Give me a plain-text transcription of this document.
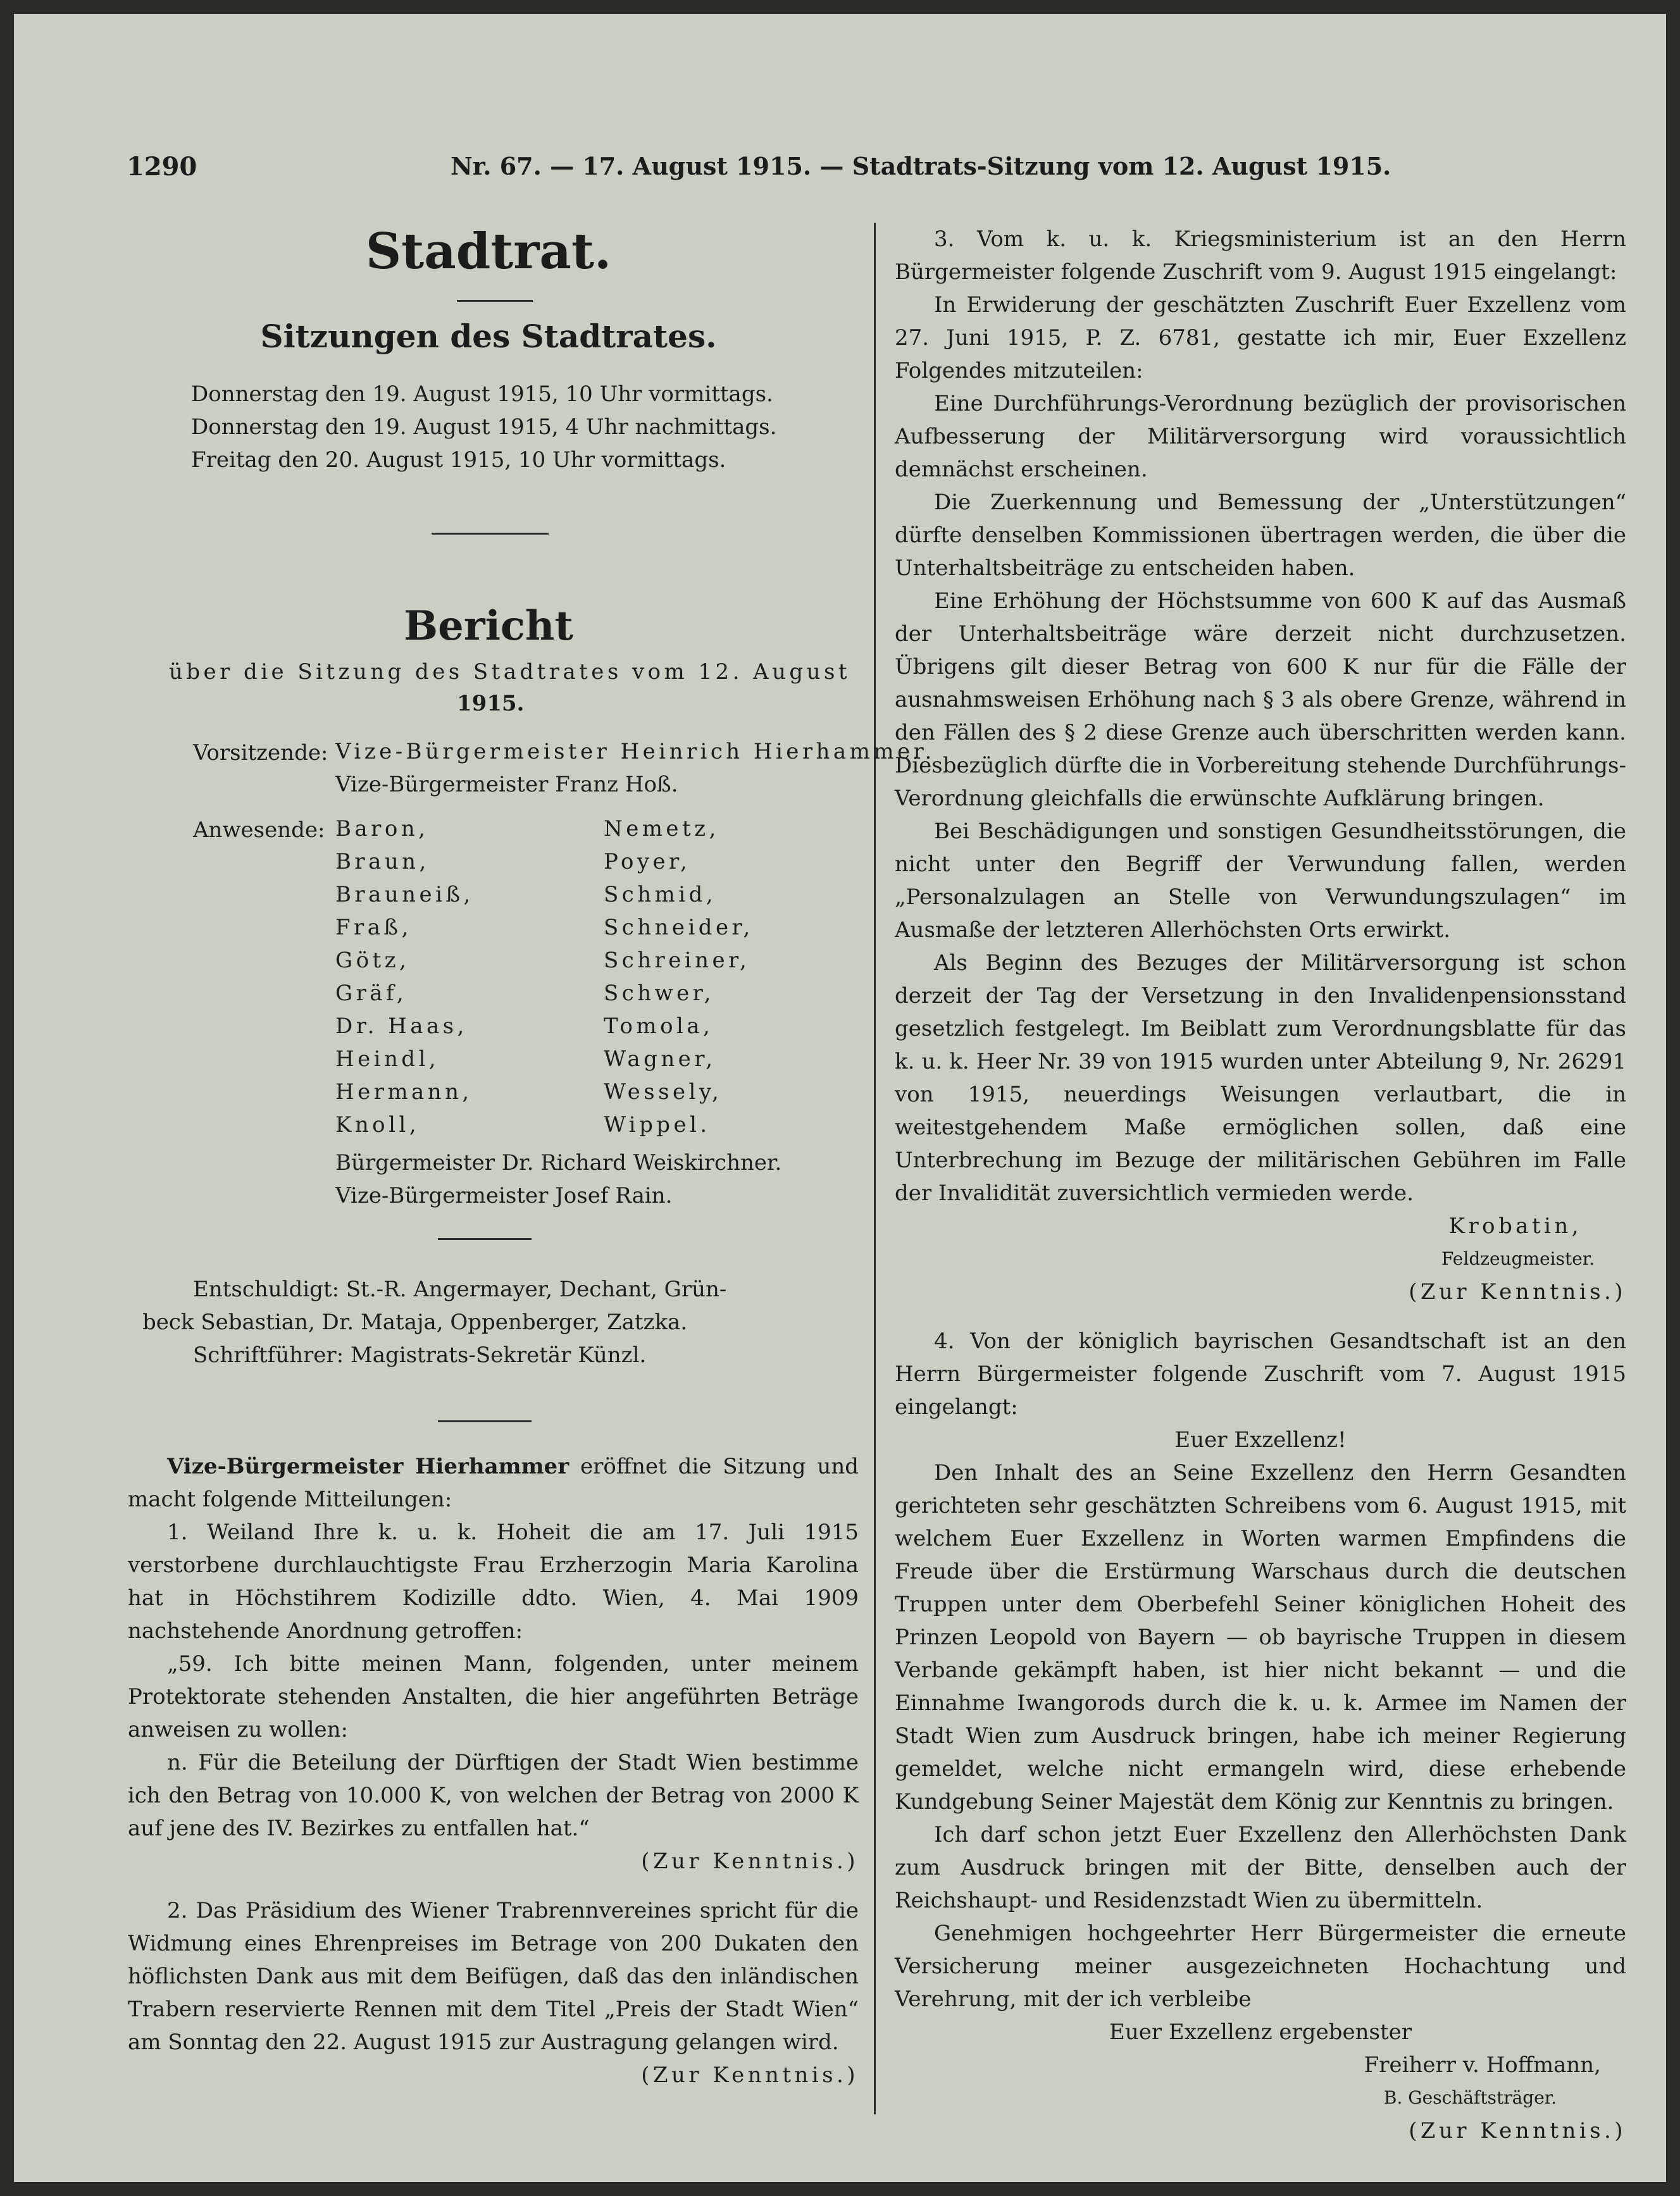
1290	Nr. 67. — 17. August 1915. — Stadtrats-Sitzung vom 12. August 1915.
Stadtrat.
Sitzungen des Stadtrates.
Donnerstag den 19. August 1915, 10 Uhr vormittags.
Donnerstag den 19. August 1915, 4 Uhr nachmittags.
Freitag den 20. August 1915, 10 Uhr vormittags.
Bericht
über die Sitzung des Stadtrates vom 12. August
1915.
Vorsitzende: Vize-Bürgermeister Heinrich Hierhammer.
Vize-Bürgermeister Franz Hoß.
Anwesende: Baron,
Braun,
Brauneiß,
Fraß,
Götz,
Gräf,
Dr. Haas,
Heindl,
Hermann,
Knoll,
Nemetz,
Poyer,
Schmid,
Schneider,
Schreiner,
Schwer,
Tomola,
Wagner,
Wessely,
Wippel.
Bürgermeister Dr. Richard Weiskirchner.
Vize-Bürgermeister Josef Rain.
Entschuldigt: St.-R. Angermayer, Dechant, Grün-
beck Sebastian, Dr. Mataja, Oppenberger, Zatzka.
Schriftführer: Magistrats-Sekretär Künzl.

Vize-Bürgermeister Hierhammer eröffnet die Sitzung und macht folgende Mitteilungen:

1. Weiland Ihre k. u. k. Hoheit die am 17. Juli 1915 verstorbene durchlauchtigste Frau Erzherzogin Maria Karolina hat in Höchstihrem Kodizille ddto. Wien, 4. Mai 1909 nachstehende Anordnung getroffen:

„59. Ich bitte meinen Mann, folgenden, unter meinem Protektorate stehenden Anstalten, die hier angeführten Beträge anweisen zu wollen:

n. Für die Beteilung der Dürftigen der Stadt Wien bestimme ich den Betrag von 10.000 K, von welchen der Betrag von 2000 K auf jene des IV. Bezirkes zu entfallen hat.“

(Zur Kenntnis.)

2. Das Präsidium des Wiener Trabrennvereines spricht für die Widmung eines Ehrenpreises im Betrage von 200 Dukaten den höflichsten Dank aus mit dem Beifügen, daß das den inländischen Trabern reservierte Rennen mit dem Titel „Preis der Stadt Wien“ am Sonntag den 22. August 1915 zur Austragung gelangen wird.

(Zur Kenntnis.)

3. Vom k. u. k. Kriegsministerium ist an den Herrn Bürgermeister folgende Zuschrift vom 9. August 1915 eingelangt:

In Erwiderung der geschätzten Zuschrift Euer Exzellenz vom 27. Juni 1915, P. Z. 6781, gestatte ich mir, Euer Exzellenz Folgendes mitzuteilen:

Eine Durchführungs-Verordnung bezüglich der provisorischen Aufbesserung der Militärversorgung wird voraussichtlich demnächst erscheinen.

Die Zuerkennung und Bemessung der „Unterstützungen“ dürfte denselben Kommissionen übertragen werden, die über die Unterhaltsbeiträge zu entscheiden haben.

Eine Erhöhung der Höchstsumme von 600 K auf das Ausmaß der Unterhaltsbeiträge wäre derzeit nicht durchzusetzen. Übrigens gilt dieser Betrag von 600 K nur für die Fälle der ausnahmsweisen Erhöhung nach § 3 als obere Grenze, während in den Fällen des § 2 diese Grenze auch überschritten werden kann. Diesbezüglich dürfte die in Vorbereitung stehende Durchführungs-Verordnung gleichfalls die erwünschte Aufklärung bringen.

Bei Beschädigungen und sonstigen Gesundheitsstörungen, die nicht unter den Begriff der Verwundung fallen, werden „Personalzulagen an Stelle von Verwundungszulagen“ im Ausmaße der letzteren Allerhöchsten Orts erwirkt.

Als Beginn des Bezuges der Militärversorgung ist schon derzeit der Tag der Versetzung in den Invalidenpensionsstand gesetzlich festgelegt. Im Beiblatt zum Verordnungsblatte für das k. u. k. Heer Nr. 39 von 1915 wurden unter Abteilung 9, Nr. 26291 von 1915, neuerdings Weisungen verlautbart, die in weitestgehendem Maße ermöglichen sollen, daß eine Unterbrechung im Bezuge der militärischen Gebühren im Falle der Invalidität zuversichtlich vermieden werde.

Krobatin,

Feldzeugmeister.

(Zur Kenntnis.)

4. Von der königlich bayrischen Gesandtschaft ist an den Herrn Bürgermeister folgende Zuschrift vom 7. August 1915 eingelangt:

Euer Exzellenz!

Den Inhalt des an Seine Exzellenz den Herrn Gesandten gerichteten sehr geschätzten Schreibens vom 6. August 1915, mit welchem Euer Exzellenz in Worten warmen Empfindens die Freude über die Erstürmung Warschaus durch die deutschen Truppen unter dem Oberbefehl Seiner königlichen Hoheit des Prinzen Leopold von Bayern — ob bayrische Truppen in diesem Verbande gekämpft haben, ist hier nicht bekannt — und die Einnahme Iwangorods durch die k. u. k. Armee im Namen der Stadt Wien zum Ausdruck bringen, habe ich meiner Regierung gemeldet, welche nicht ermangeln wird, diese erhebende Kundgebung Seiner Majestät dem König zur Kenntnis zu bringen.

Ich darf schon jetzt Euer Exzellenz den Allerhöchsten Dank zum Ausdruck bringen mit der Bitte, denselben auch der Reichshaupt- und Residenzstadt Wien zu übermitteln.

Genehmigen hochgeehrter Herr Bürgermeister die erneute Versicherung meiner ausgezeichneten Hochachtung und Verehrung, mit der ich verbleibe

Euer Exzellenz ergebenster

Freiherr v. Hoffmann,

B. Geschäftsträger.

(Zur Kenntnis.)
